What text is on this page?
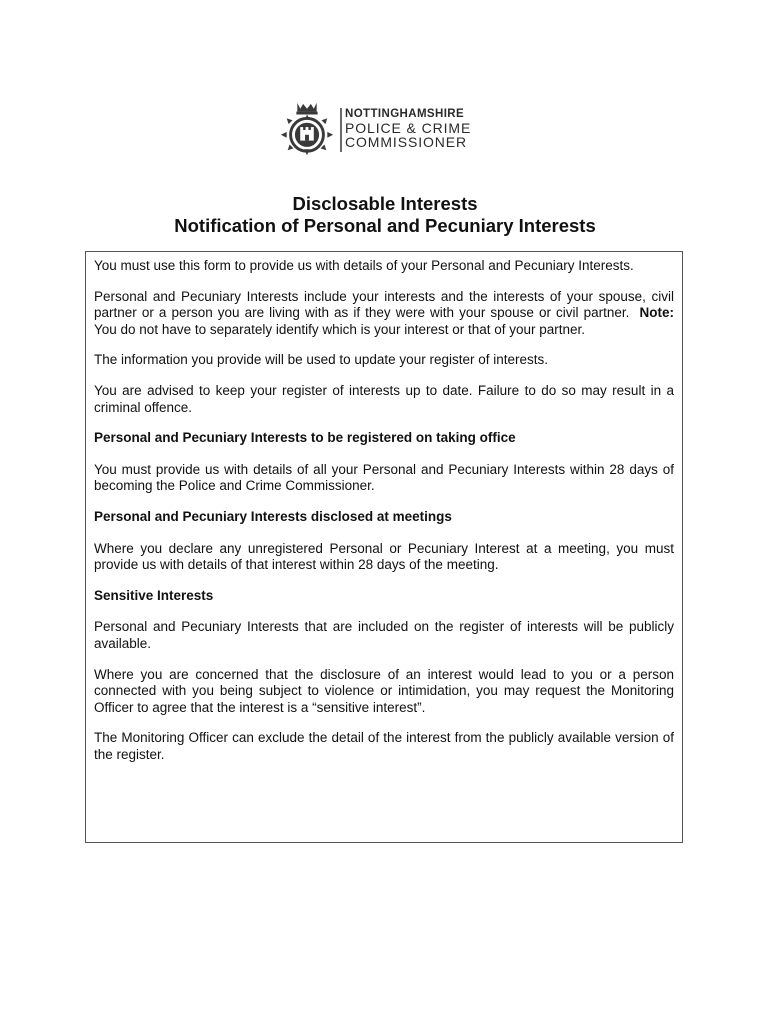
NOTTINGHAMSHIRE
POLICE & CRIME
COMMISSIONER
Disclosable Interests
Notification of Personal and Pecuniary Interests

You must use this form to provide us with details of your Personal and Pecuniary Interests.

Personal and Pecuniary Interests include your interests and the interests of your spouse, civil partner or a person you are living with as if they were with your spouse or civil partner. Note: You do not have to separately identify which is your interest or that of your partner.

The information you provide will be used to update your register of interests.

You are advised to keep your register of interests up to date. Failure to do so may result in a criminal offence.

Personal and Pecuniary Interests to be registered on taking office

You must provide us with details of all your Personal and Pecuniary Interests within 28 days of becoming the Police and Crime Commissioner.

Personal and Pecuniary Interests disclosed at meetings

Where you declare any unregistered Personal or Pecuniary Interest at a meeting, you must provide us with details of that interest within 28 days of the meeting.

Sensitive Interests

Personal and Pecuniary Interests that are included on the register of interests will be publicly available.

Where you are concerned that the disclosure of an interest would lead to you or a person connected with you being subject to violence or intimidation, you may request the Monitoring Officer to agree that the interest is a “sensitive interest”.

The Monitoring Officer can exclude the detail of the interest from the publicly available version of the register.
